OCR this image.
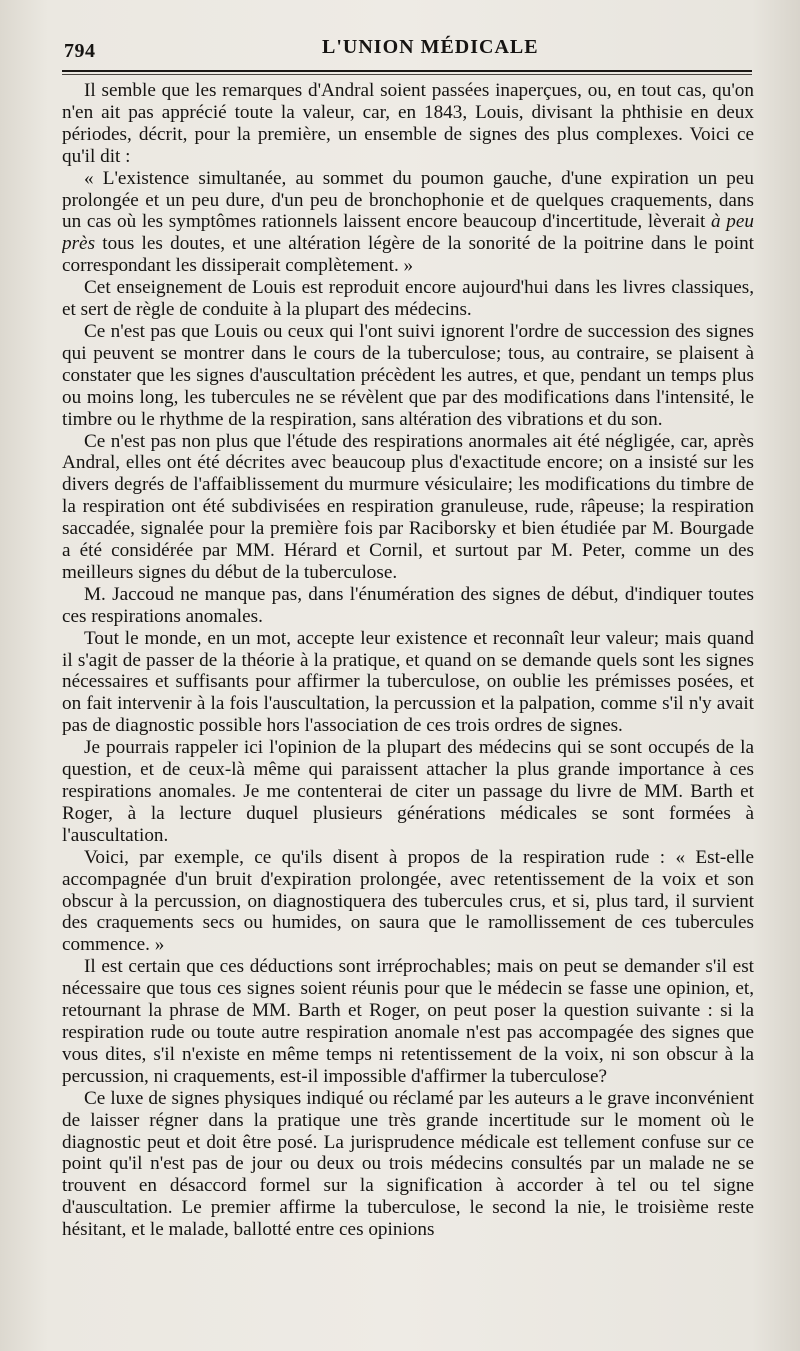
794	L'UNION MÉDICALE

Il semble que les remarques d'Andral soient passées inaperçues, ou, en tout cas, qu'on n'en ait pas apprécié toute la valeur, car, en 1843, Louis, divisant la phthisie en deux périodes, décrit, pour la première, un ensemble de signes des plus complexes. Voici ce qu'il dit :

« L'existence simultanée, au sommet du poumon gauche, d'une expiration un peu prolongée et un peu dure, d'un peu de bronchophonie et de quelques craquements, dans un cas où les symptômes rationnels laissent encore beaucoup d'incertitude, lèverait à peu près tous les doutes, et une altération légère de la sonorité de la poitrine dans le point correspondant les dissiperait complètement. »

Cet enseignement de Louis est reproduit encore aujourd'hui dans les livres classiques, et sert de règle de conduite à la plupart des médecins.

Ce n'est pas que Louis ou ceux qui l'ont suivi ignorent l'ordre de succession des signes qui peuvent se montrer dans le cours de la tuberculose; tous, au contraire, se plaisent à constater que les signes d'auscultation précèdent les autres, et que, pendant un temps plus ou moins long, les tubercules ne se révèlent que par des modifications dans l'intensité, le timbre ou le rhythme de la respiration, sans altération des vibrations et du son.

Ce n'est pas non plus que l'étude des respirations anormales ait été négligée, car, après Andral, elles ont été décrites avec beaucoup plus d'exactitude encore; on a insisté sur les divers degrés de l'affaiblissement du murmure vésiculaire; les modifications du timbre de la respiration ont été subdivisées en respiration granuleuse, rude, râpeuse; la respiration saccadée, signalée pour la première fois par Raciborsky et bien étudiée par M. Bourgade a été considérée par MM. Hérard et Cornil, et surtout par M. Peter, comme un des meilleurs signes du début de la tuberculose.

M. Jaccoud ne manque pas, dans l'énumération des signes de début, d'indiquer toutes ces respirations anomales.

Tout le monde, en un mot, accepte leur existence et reconnaît leur valeur; mais quand il s'agit de passer de la théorie à la pratique, et quand on se demande quels sont les signes nécessaires et suffisants pour affirmer la tuberculose, on oublie les prémisses posées, et on fait intervenir à la fois l'auscultation, la percussion et la palpation, comme s'il n'y avait pas de diagnostic possible hors l'association de ces trois ordres de signes.

Je pourrais rappeler ici l'opinion de la plupart des médecins qui se sont occupés de la question, et de ceux-là même qui paraissent attacher la plus grande importance à ces respirations anomales. Je me contenterai de citer un passage du livre de MM. Barth et Roger, à la lecture duquel plusieurs générations médicales se sont formées à l'auscultation.

Voici, par exemple, ce qu'ils disent à propos de la respiration rude : « Est-elle accompagnée d'un bruit d'expiration prolongée, avec retentissement de la voix et son obscur à la percussion, on diagnostiquera des tubercules crus, et si, plus tard, il survient des craquements secs ou humides, on saura que le ramollissement de ces tubercules commence. »

Il est certain que ces déductions sont irréprochables; mais on peut se demander s'il est nécessaire que tous ces signes soient réunis pour que le médecin se fasse une opinion, et, retournant la phrase de MM. Barth et Roger, on peut poser la question suivante : si la respiration rude ou toute autre respiration anomale n'est pas accompagée des signes que vous dites, s'il n'existe en même temps ni retentissement de la voix, ni son obscur à la percussion, ni craquements, est-il impossible d'affirmer la tuberculose?

Ce luxe de signes physiques indiqué ou réclamé par les auteurs a le grave inconvénient de laisser régner dans la pratique une très grande incertitude sur le moment où le diagnostic peut et doit être posé. La jurisprudence médicale est tellement confuse sur ce point qu'il n'est pas de jour ou deux ou trois médecins consultés par un malade ne se trouvent en désaccord formel sur la signification à accorder à tel ou tel signe d'auscultation. Le premier affirme la tuberculose, le second la nie, le troisième reste hésitant, et le malade, ballotté entre ces opinions
